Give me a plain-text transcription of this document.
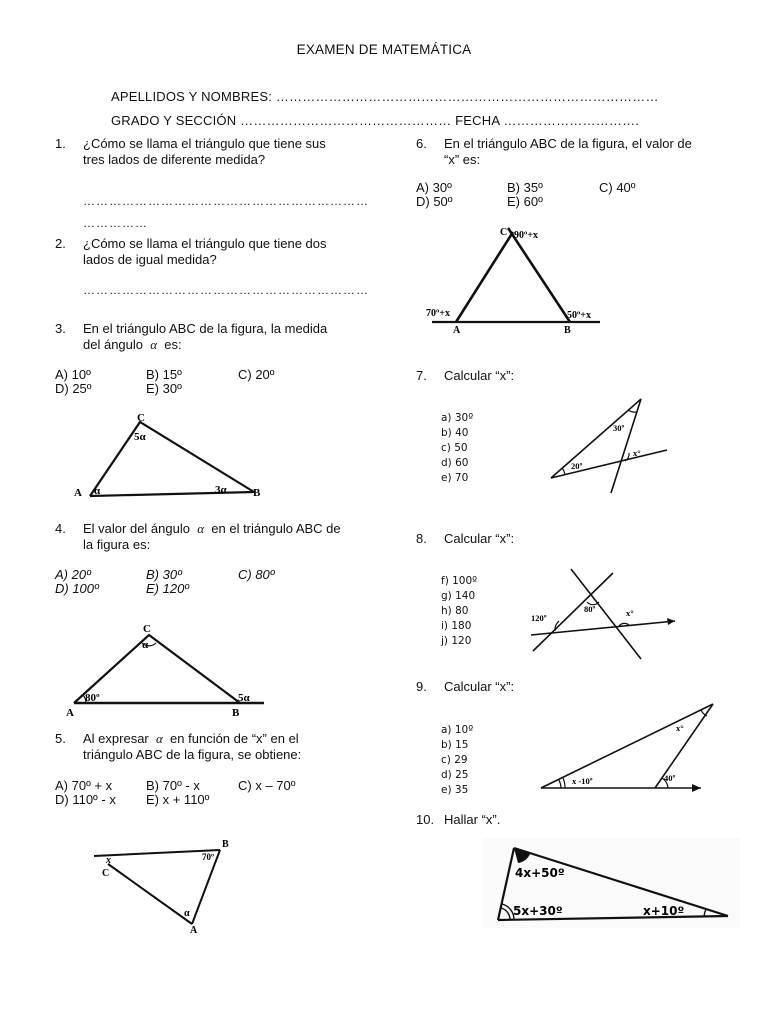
EXAMEN DE MATEMÁTICA
APELLIDOS Y NOMBRES: ……………………………………………………………………………
GRADO Y SECCIÓN ………………………………………… FECHA ………………………….
1. ¿Cómo se llama el triángulo que tiene sus
tres lados de diferente medida?
…………………………………………………………
……………
2. ¿Cómo se llama el triángulo que tiene dos
lados de igual medida?
…………………………………………………………
3. En el triángulo ABC de la figura, la medida
del ángulo α es:
A) 10º	B) 15º	C) 20º
D) 25º	E) 30º
C
5α
A α	3α B
4. El valor del ángulo α en el triángulo ABC de
la figura es:
A) 20º	B) 30º	C) 80º
D) 100º	E) 120º
C
α
80º	5α
A	B
5. Al expresar α en función de “x” en el
triángulo ABC de la figura, se obtiene:
A) 70º + x	B) 70º - x	C) x – 70º
D) 110º - x E) x + 110º
B
70º
x
C
α
A
6. En el triángulo ABC de la figura, el valor de
“x” es:
A) 30º	B) 35º	C) 40º
D) 50º	E) 60º
C 90º+x
70º+x
A
50º+x
B
7. Calcular “x”:
a) 30º
b) 40
c) 50
d) 60
e) 70
30º
20º
x°
8. Calcular “x”:
f) 100º
g) 140
h) 80
i) 180
j) 120
120º
80º	x°
9. Calcular “x”:
a) 10º
b) 15
c) 29
d) 25
e) 35
x°
x -10º	40º
10. Hallar “x”.
4x+50º
5x+30º	x+10º
